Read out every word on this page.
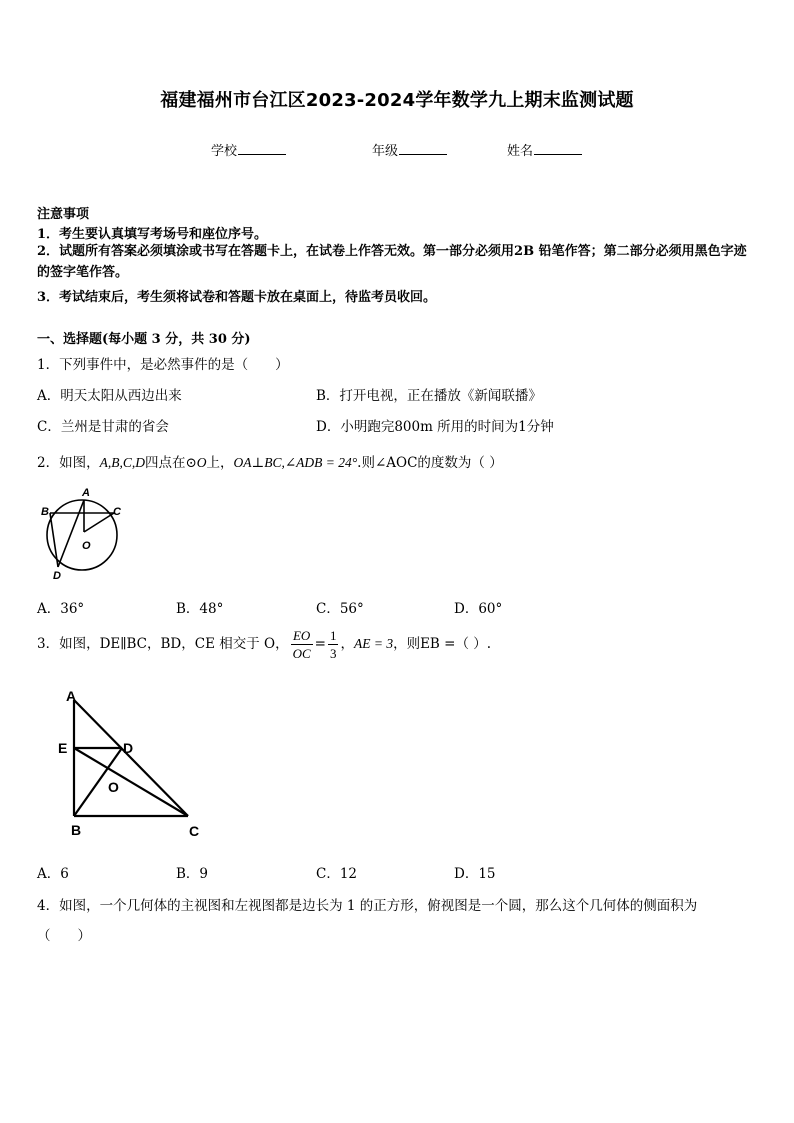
福建福州市台江区2023-2024学年数学九上期末监测试题
学校	年级	姓名
注意事项
1．考生要认真填写考场号和座位序号。
2．试题所有答案必须填涂或书写在答题卡上，在试卷上作答无效。第一部分必须用2B 铅笔作答；第二部分必须用黑色字迹的签字笔作答。
3．考试结束后，考生须将试卷和答题卡放在桌面上，待监考员收回。
一、选择题(每小题 3 分，共 30 分)
1．下列事件中，是必然事件的是（　　）
A．明天太阳从西边出来	B．打开电视，正在播放《新闻联播》
C．兰州是甘肃的省会	D．小明跑完800m 所用的时间为1分钟
2．如图，A,B,C,D四点在⊙O上，OA⊥BC,∠ADB = 24°.则∠AOC的度数为（ ）
A
B	C
D
O
A．36°	B．48°	C．56°	D．60°
3．如图，DE∥BC，BD，CE 相交于 O， $\frac{EO}{OC} = \frac{1}{3}$ ，AE = 3，则EB =（ ）.
A
E	D
O
B	C
A．6	B．9	C．12	D．15
4．如图，一个几何体的主视图和左视图都是边长为 1 的正方形，俯视图是一个圆，那么这个几何体的侧面积为
（　　）
